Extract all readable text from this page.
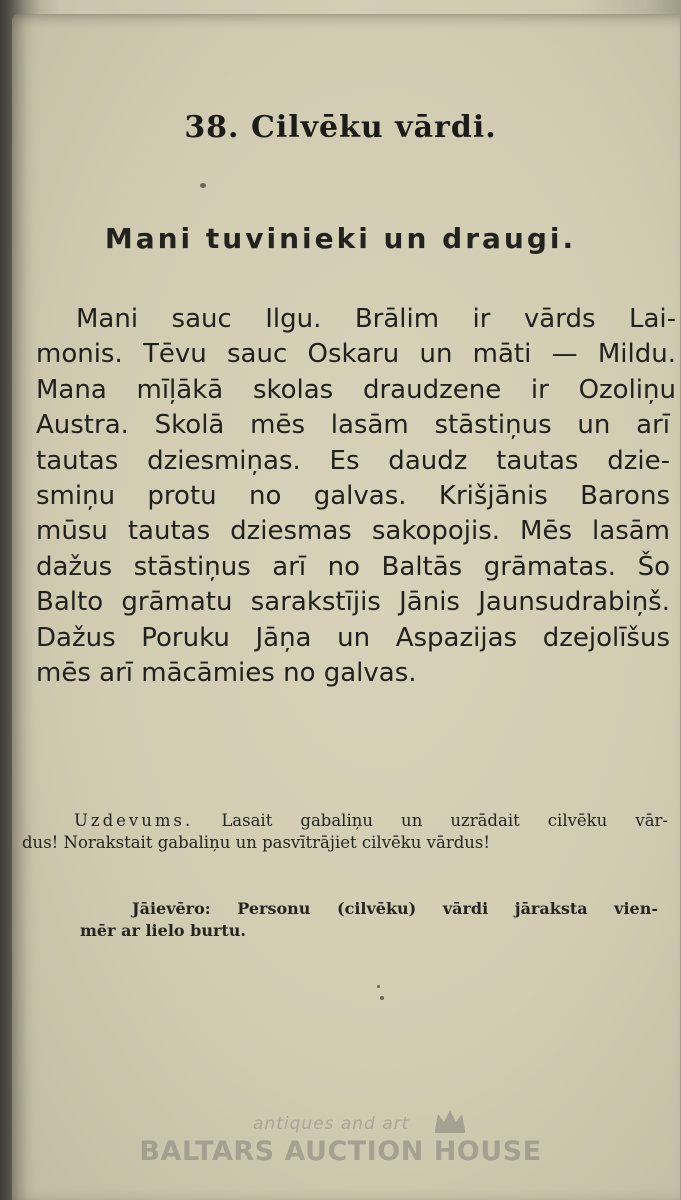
38. Cilvēku vārdi.
Mani tuvinieki un draugi.
Mani sauc Ilgu. Brālim ir vārds Lai-
monis. Tēvu sauc Oskaru un māti — Mildu.
Mana mīļākā skolas draudzene ir Ozoliņu
Austra. Skolā mēs lasām stāstiņus un arī
tautas dziesmiņas. Es daudz tautas dzie-
smiņu protu no galvas. Krišjānis Barons
mūsu tautas dziesmas sakopojis. Mēs lasām
dažus stāstiņus arī no Baltās grāmatas. Šo
Balto grāmatu sarakstījis Jānis Jaunsudrabiņš.
Dažus Poruku Jāņa un Aspazijas dzejolīšus
mēs arī mācāmies no galvas.
Uzdevums. Lasait gabaliņu un uzrādait cilvēku vār-
dus! Norakstait gabaliņu un pasvītrājiet cilvēku vārdus!
Jāievēro: Personu (cilvēku) vārdi jāraksta vien-
mēr ar lielo burtu.
antiques and art
BALTARS AUCTION HOUSE
